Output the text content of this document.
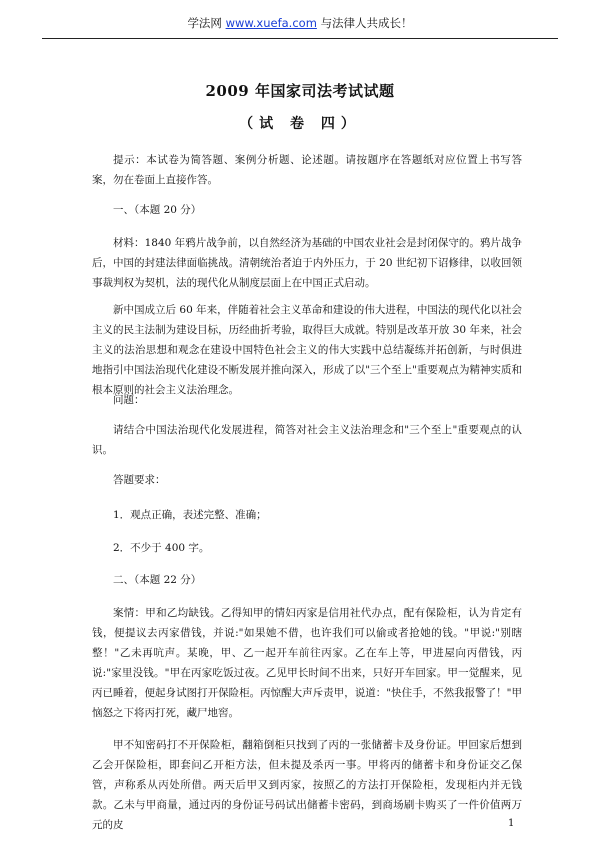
学法网 www.xuefa.com 与法律人共成长！
2009 年国家司法考试试题
（试 卷 四）

提示：本试卷为简答题、案例分析题、论述题。请按题序在答题纸对应位置上书写答案，勿在卷面上直接作答。

一、（本题 20 分）

材料：1840 年鸦片战争前，以自然经济为基础的中国农业社会是封闭保守的。鸦片战争后，中国的封建法律面临挑战。清朝统治者迫于内外压力，于 20 世纪初下诏修律，以收回领事裁判权为契机，法的现代化从制度层面上在中国正式启动。

新中国成立后 60 年来，伴随着社会主义革命和建设的伟大进程，中国法的现代化以社会主义的民主法制为建设目标，历经曲折考验，取得巨大成就。特别是改革开放 30 年来，社会主义的法治思想和观念在建设中国特色社会主义的伟大实践中总结凝练并拓创新，与时俱进地指引中国法治现代化建设不断发展并推向深入，形成了以"三个至上"重要观点为精神实质和根本原则的社会主义法治理念。

问题：

请结合中国法治现代化发展进程，简答对社会主义法治理念和"三个至上"重要观点的认识。

答题要求：

1．观点正确，表述完整、准确；

2．不少于 400 字。

二、（本题 22 分）

案情：甲和乙均缺钱。乙得知甲的情妇丙家是信用社代办点，配有保险柜，认为肯定有钱，便提议去丙家借钱，并说:"如果她不借，也许我们可以偷或者抢她的钱。"甲说:"别瞎整！"乙未再吭声。某晚，甲、乙一起开车前往丙家。乙在车上等，甲进屋向丙借钱，丙说:"家里没钱。"甲在丙家吃饭过夜。乙见甲长时间不出来，只好开车回家。甲一觉醒来，见丙已睡着，便起身试图打开保险柜。丙惊醒大声斥责甲，说道："快住手，不然我报警了！"甲恼怒之下将丙打死，藏尸地窖。

甲不知密码打不开保险柜，翻箱倒柜只找到了丙的一张储蓄卡及身份证。甲回家后想到乙会开保险柜，即套问乙开柜方法，但未提及杀丙一事。甲将丙的储蓄卡和身份证交乙保管，声称系从丙处所借。两天后甲又到丙家，按照乙的方法打开保险柜，发现柜内并无钱款。乙未与甲商量，通过丙的身份证号码试出储蓄卡密码，到商场刷卡购买了一件价值两万元的皮	1
